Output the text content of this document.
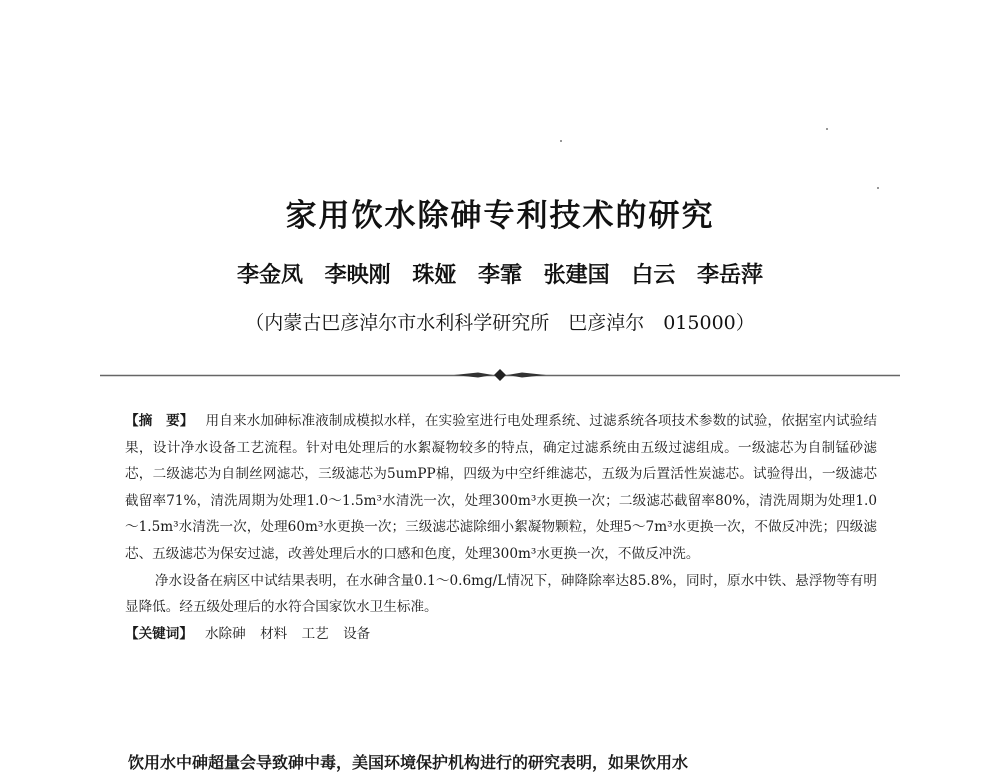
家用饮水除砷专利技术的研究
李金凤 李映刚 珠娅 李霏 张建国 白云 李岳萍
（内蒙古巴彦淖尔市水利科学研究所　巴彦淖尔　015000）

【摘　要】 用自来水加砷标准液制成模拟水样，在实验室进行电处理系统、过滤系统各项技术参数的试验，依据室内试验结果，设计净水设备工艺流程。针对电处理后的水絮凝物较多的特点，确定过滤系统由五级过滤组成。一级滤芯为自制锰砂滤芯，二级滤芯为自制丝网滤芯，三级滤芯为5umPP棉，四级为中空纤维滤芯，五级为后置活性炭滤芯。试验得出，一级滤芯截留率71%，清洗周期为处理1.0～1.5m³水清洗一次，处理300m³水更换一次；二级滤芯截留率80%，清洗周期为处理1.0～1.5m³水清洗一次，处理60m³水更换一次；三级滤芯滤除细小絮凝物颗粒，处理5～7m³水更换一次，不做反冲洗；四级滤芯、五级滤芯为保安过滤，改善处理后水的口感和色度，处理300m³水更换一次，不做反冲洗。

净水设备在病区中试结果表明，在水砷含量0.1～0.6mg/L情况下，砷降除率达85.8%，同时，原水中铁、悬浮物等有明显降低。经五级处理后的水符合国家饮水卫生标准。

【关键词】 水除砷 材料 工艺 设备

饮用水中砷超量会导致砷中毒，美国环境保护机构进行的研究表明，如果饮用水
